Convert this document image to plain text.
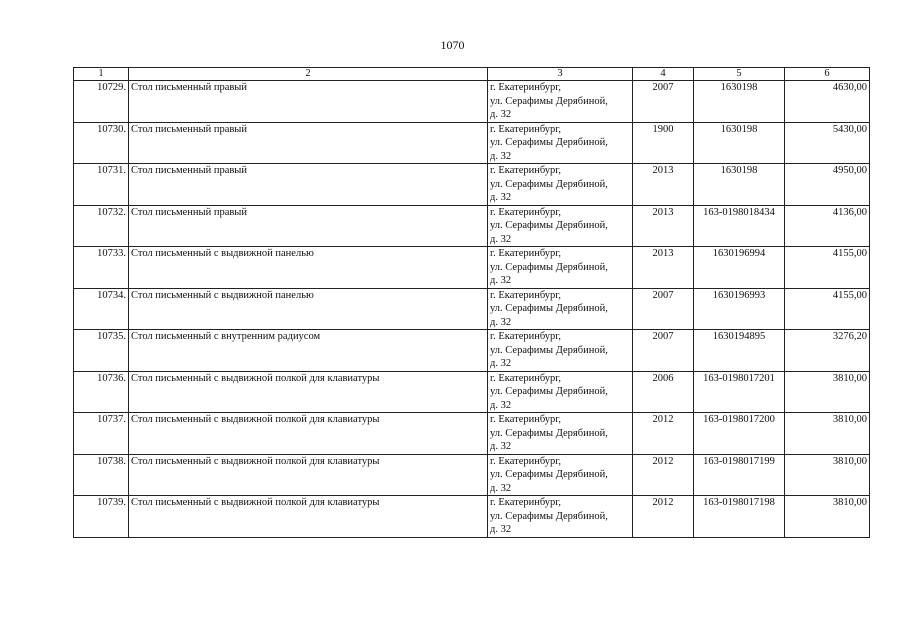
1070
1	2	3	4	5	6
10729.	Стол письменный правый	г. Екатеринбург,
ул. Серафимы Дерябиной,
д. 32	2007	1630198	4630,00
10730.	Стол письменный правый	г. Екатеринбург,
ул. Серафимы Дерябиной,
д. 32	1900	1630198	5430,00
10731.	Стол письменный правый	г. Екатеринбург,
ул. Серафимы Дерябиной,
д. 32	2013	1630198	4950,00
10732.	Стол письменный правый	г. Екатеринбург,
ул. Серафимы Дерябиной,
д. 32	2013	163-0198018434	4136,00
10733.	Стол письменный с выдвижной панелью	г. Екатеринбург,
ул. Серафимы Дерябиной,
д. 32	2013	1630196994	4155,00
10734.	Стол письменный с выдвижной панелью	г. Екатеринбург,
ул. Серафимы Дерябиной,
д. 32	2007	1630196993	4155,00
10735.	Стол письменный с внутренним радиусом	г. Екатеринбург,
ул. Серафимы Дерябиной,
д. 32	2007	1630194895	3276,20
10736.	Стол письменный с выдвижной полкой для клавиатуры	г. Екатеринбург,
ул. Серафимы Дерябиной,
д. 32	2006	163-0198017201	3810,00
10737.	Стол письменный с выдвижной полкой для клавиатуры	г. Екатеринбург,
ул. Серафимы Дерябиной,
д. 32	2012	163-0198017200	3810,00
10738.	Стол письменный с выдвижной полкой для клавиатуры	г. Екатеринбург,
ул. Серафимы Дерябиной,
д. 32	2012	163-0198017199	3810,00
10739.	Стол письменный с выдвижной полкой для клавиатуры	г. Екатеринбург,
ул. Серафимы Дерябиной,
д. 32	2012	163-0198017198	3810,00
